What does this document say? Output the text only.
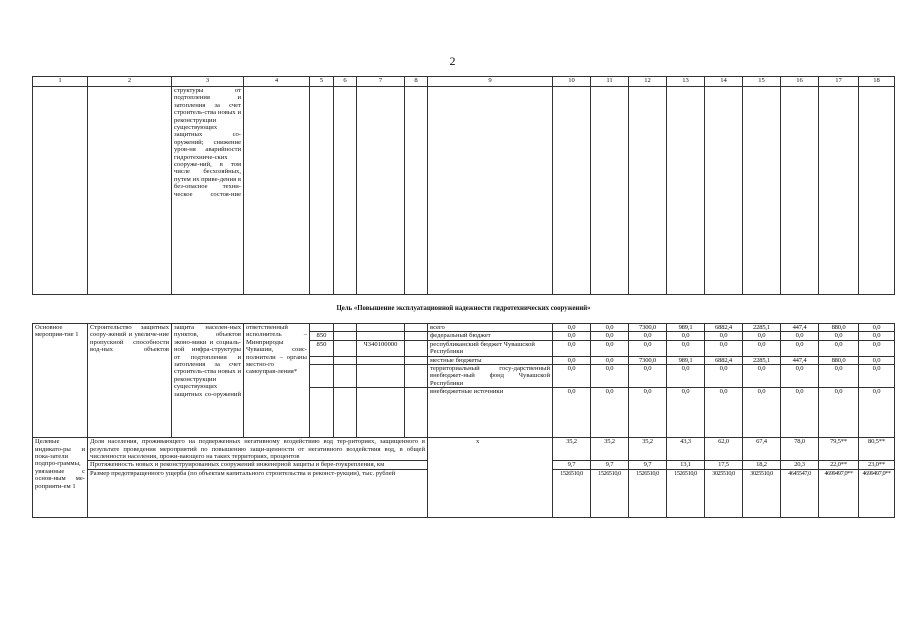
2
1	2	3	4	5	6	7	8	9	10	11	12	13	14	15	16	17	18
		структуры от подтопления и затопления за счет строитель-ства новых и реконструкции существующих защитных со-оружений; снижение уров-ня аварийности гидротехниче-ских сооруже-ний, в том числе бесхозяйных, путем их приве-дения в без-опасное техни-ческое состоя-ние															
Цель «Повышение эксплуатационной надежности гидротехнических сооружений»																	
Основное мероприя-тие 1	Строительство защитных соору-жений и увеличе-ние пропускной способности вод-ных объектов	защита населен-ных пунктов, объектов эконо-мики и социаль-ной инфра-структуры от подтопления и затопления за счет строитель-ства новых и реконструкции существующих защитных со-оружений	ответственный исполнитель – Минприроды Чувашии, соис-полнители – органы местно-го самоуправ-ления*					всего	0,0	0,0	7300,0	989,1	6882,4	2285,1	447,4	880,0	0,0
				850				федеральный бюджет	0,0	0,0	0,0	0,0	0,0	0,0	0,0	0,0	0,0
				850		Ч340100000		республиканский бюджет Чувашской Республики	0,0	0,0	0,0	0,0	0,0	0,0	0,0	0,0	0,0
								местные бюджеты	0,0	0,0	7300,0	989,1	6882,4	2285,1	447,4	880,0	0,0
								территориальный госу-дарственный внебюджет-ный фонд Чувашской Республики	0,0	0,0	0,0	0,0	0,0	0,0	0,0	0,0	0,0
								внебюджетные источники	0,0	0,0	0,0	0,0	0,0	0,0	0,0	0,0	0,0
Целевые индикато-ры и пока-затели подпро-граммы, увязанные с основ-ным ме-роприяти-ем 1	Доля населения, проживающего на подверженных негативному воздействию вод тер-риториях, защищенного в результате проведения мероприятий по повышению защи-щенности от негативного воздействия вод, в общей численности населения, прожи-вающего на таких территориях, процентов							х	35,2	35,2	35,2	43,3	62,0	67,4	78,0	79,5**	80,5**
	Протяженность новых и реконструированных сооружений инженерной защиты и бере-гоукрепления, км								9,7	9,7	9,7	13,1	17,5	18,2	20,3	22,0**	23,0**
	Размер предотвращенного ущерба (по объектам капитального строительства и реконст-рукции), тыс. рублей								1526510,0	1526510,0	1526510,0	1526510,0	3025510,0	3025510,0	4645547,0	4699497,0**	4699497,0**
